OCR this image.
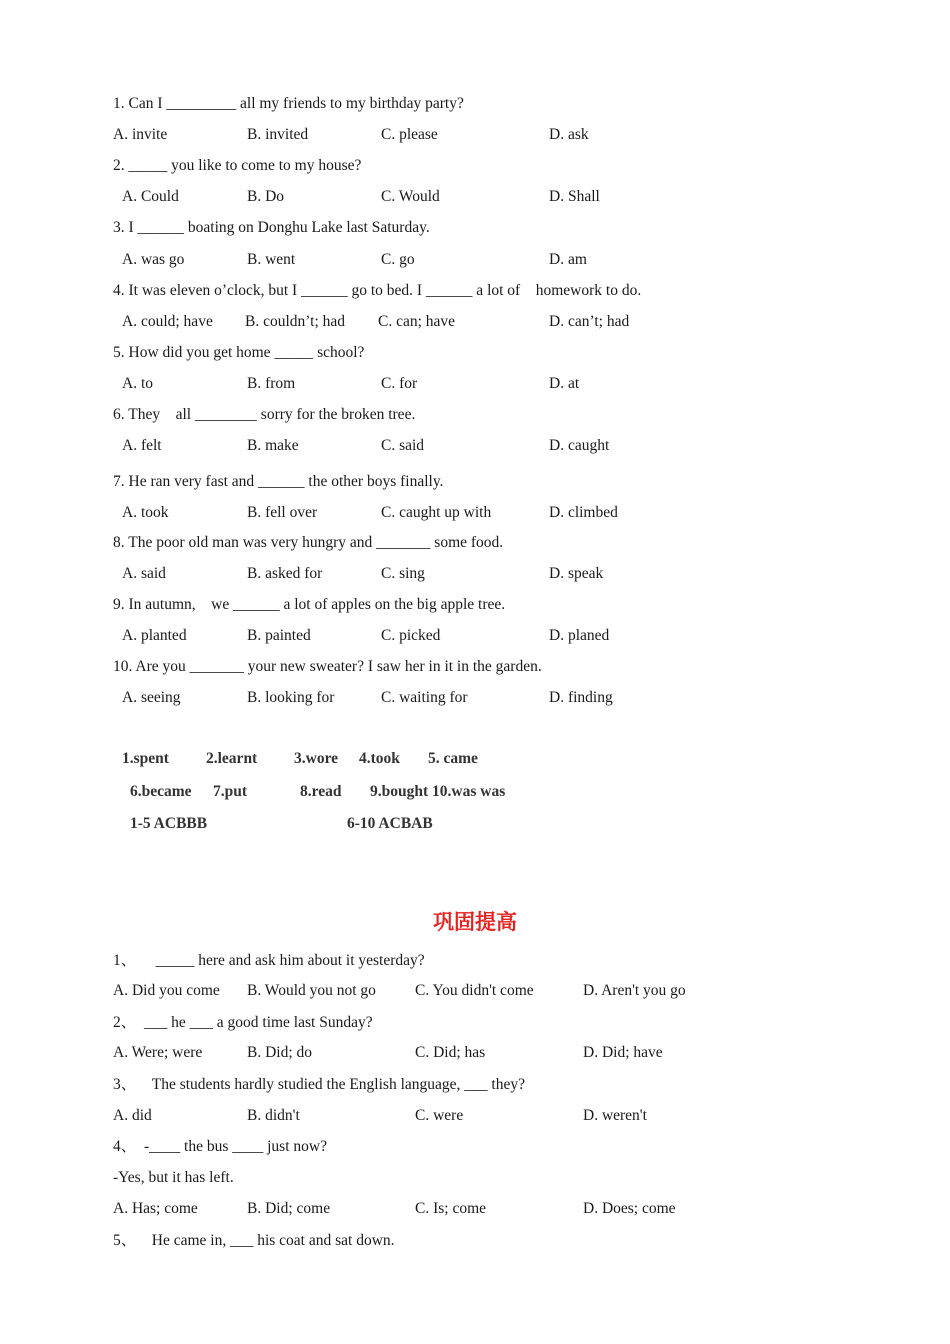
1. Can I _________ all my friends to my birthday party?
A. invite	B. invited	C. please	D. ask
2. _____ you like to come to my house?
A. Could	B. Do	C. Would	D. Shall
3. I ______ boating on Donghu Lake last Saturday.
A. was go	B. went	C. go	D. am
4. It was eleven o’clock, but I ______ go to bed. I ______ a lot of    homework to do.
A. could; have B. couldn’t; had C. can; have	D. can’t; had
5. How did you get home _____ school?
A. to	B. from	C. for	D. at
6. They    all ________ sorry for the broken tree.
A. felt	B. make	C. said	D. caught
7. He ran very fast and ______ the other boys finally.
A. took	B. fell over	C. caught up with	D. climbed
8. The poor old man was very hungry and _______ some food.
A. said	B. asked for	C. sing	D. speak
9. In autumn,    we ______ a lot of apples on the big apple tree.
A. planted	B. painted	C. picked	D. planed
10. Are you _______ your new sweater? I saw her in it in the garden.
A. seeing	B. looking for	C. waiting for	D. finding
1.spent 2.learnt 3.wore 4.took 5. came
6.became 7.put	8.read 9.bought 10.was was
1-5 ACBBB	6-10 ACBAB
巩固提高
1、     _____ here and ask him about it yesterday?
A. Did you come B. Would you not go	C. You didn't come	D. Aren't you go
2、  ___ he ___ a good time last Sunday?
A. Were; were	B. Did; do	C. Did; has	D. Did; have
3、    The students hardly studied the English language, ___ they?
A. did	B. didn't	C. were	D. weren't
4、  -____ the bus ____ just now?
-Yes, but it has left.
A. Has; come	B. Did; come	C. Is; come	D. Does; come
5、    He came in, ___ his coat and sat down.
